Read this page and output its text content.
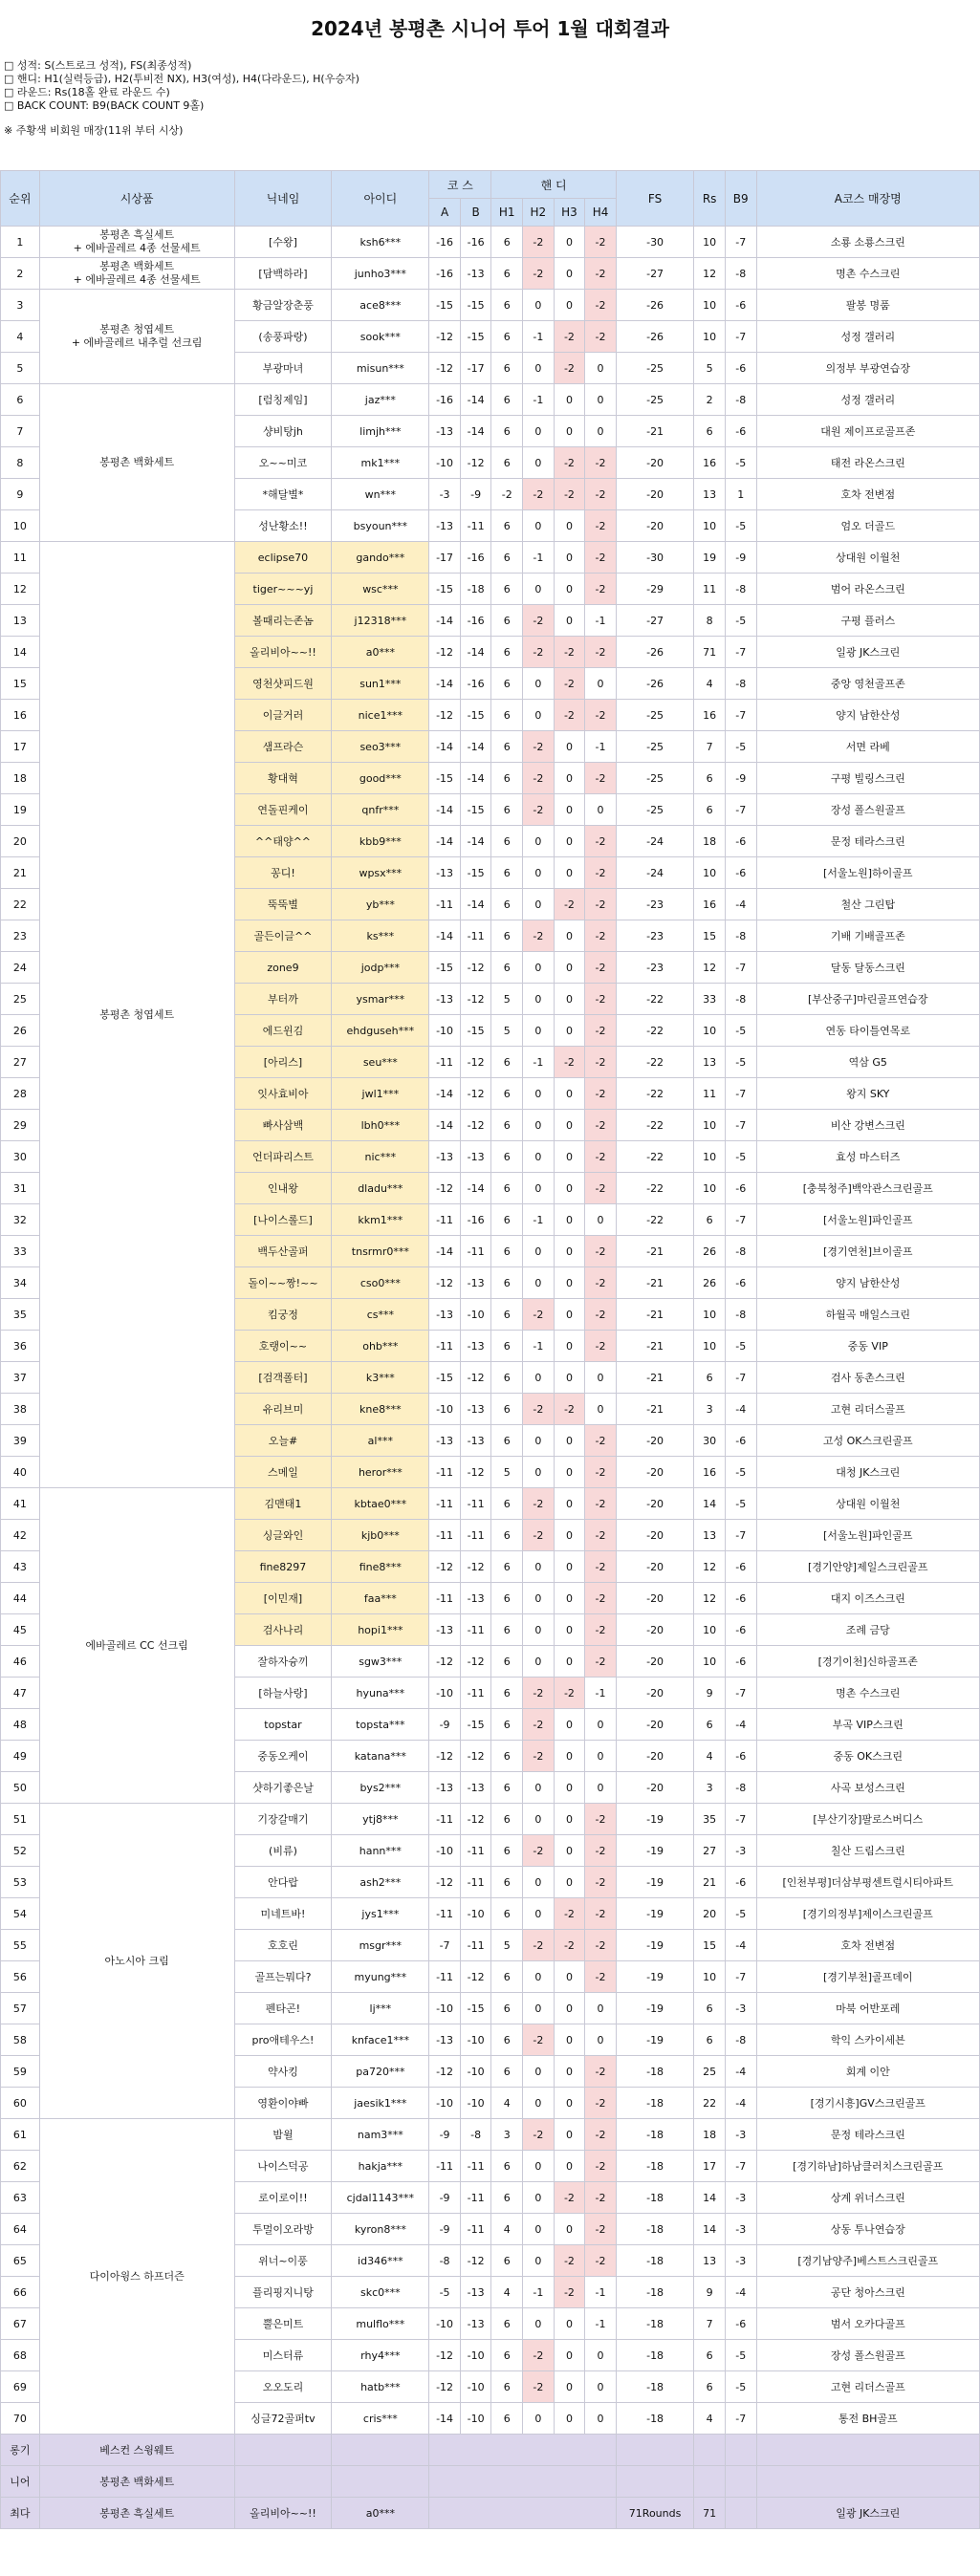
2024년 봉평촌 시니어 투어 1월 대회결과
□ 성적: S(스트로크 성적), FS(최종성적)
□ 핸디: H1(실력등급), H2(투비전 NX), H3(여성), H4(다라운드), H(우승자)
□ 라운드: Rs(18홀 완료 라운드 수)
□ BACK COUNT: B9(BACK COUNT 9홀)
※ 주황색 비회원 매장(11위 부터 시상)
순위	시상품	닉네임	아이디	코 스		핸 디				FS	Rs	B9	A코스 매장명
				A	B	H1	H2	H3	H4				
1	봉평촌 흑실세트
+ 에바골레르 4종 선물세트	[수왕]	ksh6***	-16	-16	6	-2	0	-2	-30	10	-7	소룡 소룡스크린
2	봉평촌 백화세트
+ 에바골레르 4종 선물세트	[담백하라]	junho3***	-16	-13	6	-2	0	-2	-27	12	-8	명촌 수스크린
3	봉평촌 청엽세트
+ 에바골레르 내추럴 선크림	황금알장춘풍	ace8***	-15	-15	6	0	0	-2	-26	10	-6	팔봉 명품
4		(송풍파랑)	sook***	-12	-15	6	-1	-2	-2	-26	10	-7	성정 갤러리
5		부광마녀	misun***	-12	-17	6	0	-2	0	-25	5	-6	의정부 부광연습장
6	봉평촌 백화세트	[럼칭제임]	jaz***	-16	-14	6	-1	0	0	-25	2	-8	성정 갤러리
7		샹비탕jh	limjh***	-13	-14	6	0	0	0	-21	6	-6	대원 제이프로골프존
8		오~~미코	mk1***	-10	-12	6	0	-2	-2	-20	16	-5	태전 라온스크린
9		*해달별*	wn***	-3	-9	-2	-2	-2	-2	-20	13	1	호차 전변점
10		성난황소!!	bsyoun***	-13	-11	6	0	0	-2	-20	10	-5	엄오 더골드
11	봉평촌 청엽세트	eclipse70	gando***	-17	-16	6	-1	0	-2	-30	19	-9	상대원 이월천
12		tiger~~~yj	wsc***	-15	-18	6	0	0	-2	-29	11	-8	범어 라온스크린
13		볼때리는존놈	j12318***	-14	-16	6	-2	0	-1	-27	8	-5	구평 플러스
14		올리비아~~!!	a0***	-12	-14	6	-2	-2	-2	-26	71	-7	일광 JK스크린
15		영천샷피드원	sun1***	-14	-16	6	0	-2	0	-26	4	-8	중앙 영천골프존
16		이글거러	nice1***	-12	-15	6	0	-2	-2	-25	16	-7	양지 남한산성
17		샘프라슨	seo3***	-14	-14	6	-2	0	-1	-25	7	-5	서면 라베
18		황대혁	good***	-15	-14	6	-2	0	-2	-25	6	-9	구평 빌링스크린
19		연돌핀케이	qnfr***	-14	-15	6	-2	0	0	-25	6	-7	장성 폴스원골프
20		^^태양^^	kbb9***	-14	-14	6	0	0	-2	-24	18	-6	문정 테라스크린
21		꽁디!	wpsx***	-13	-15	6	0	0	-2	-24	10	-6	[서울노원]하이골프
22		뚝뚝별	yb***	-11	-14	6	0	-2	-2	-23	16	-4	철산 그린탑
23		골든이글^^	ks***	-14	-11	6	-2	0	-2	-23	15	-8	기배 기배골프존
24		zone9	jodp***	-15	-12	6	0	0	-2	-23	12	-7	달동 달동스크린
25		부터까	ysmar***	-13	-12	5	0	0	-2	-22	33	-8	[부산중구]마린골프연습장
26		에드윈김	ehdguseh***	-10	-15	5	0	0	-2	-22	10	-5	연동 타이틀연목로
27		[아리스]	seu***	-11	-12	6	-1	-2	-2	-22	13	-5	역삼 G5
28		잇사효비아	jwl1***	-14	-12	6	0	0	-2	-22	11	-7	왕지 SKY
29		빠사삼백	lbh0***	-14	-12	6	0	0	-2	-22	10	-7	비산 강변스크린
30		언더파리스트	nic***	-13	-13	6	0	0	-2	-22	10	-5	효성 마스터즈
31		인내왕	dladu***	-12	-14	6	0	0	-2	-22	10	-6	[충북청주]백악관스크린골프
32		[나이스롤드]	kkm1***	-11	-16	6	-1	0	0	-22	6	-7	[서울노원]파인골프
33		백두산골퍼	tnsrmr0***	-14	-11	6	0	0	-2	-21	26	-8	[경기연천]브이골프
34		돌이~~짱!~~	cso0***	-12	-13	6	0	0	-2	-21	26	-6	양지 남한산성
35		킴궁정	cs***	-13	-10	6	-2	0	-2	-21	10	-8	하월곡 매일스크린
36		호랭이~~	ohb***	-11	-13	6	-1	0	-2	-21	10	-5	중동 VIP
37		[검객폴터]	k3***	-15	-12	6	0	0	0	-21	6	-7	검사 동촌스크린
38		유리브미	kne8***	-10	-13	6	-2	-2	0	-21	3	-4	고현 리더스골프
39		오늘#	al***	-13	-13	6	0	0	-2	-20	30	-6	고성 OK스크린골프
40		스메일	heror***	-11	-12	5	0	0	-2	-20	16	-5	대청 JK스크린
41	에바골레르 CC 선크림	김맨태1	kbtae0***	-11	-11	6	-2	0	-2	-20	14	-5	상대원 이월천
42		싱글와인	kjb0***	-11	-11	6	-2	0	-2	-20	13	-7	[서울노원]파인골프
43		fine8297	fine8***	-12	-12	6	0	0	-2	-20	12	-6	[경기안양]제일스크린골프
44		[이민재]	faa***	-11	-13	6	0	0	-2	-20	12	-6	대지 이즈스크린
45		검사나리	hopi1***	-13	-11	6	0	0	-2	-20	10	-6	조례 금당
46		잘하자슝끼	sgw3***	-12	-12	6	0	0	-2	-20	10	-6	[경기이천]신하골프존
47		[하늘사랑]	hyuna***	-10	-11	6	-2	-2	-1	-20	9	-7	명촌 수스크린
48		topstar	topsta***	-9	-15	6	-2	0	0	-20	6	-4	부곡 VIP스크린
49		중동오케이	katana***	-12	-12	6	-2	0	0	-20	4	-6	중동 OK스크린
50		샷하기좋은날	bys2***	-13	-13	6	0	0	0	-20	3	-8	사곡 보성스크린
51	아노시아 크림	기장갈매기	ytj8***	-11	-12	6	0	0	-2	-19	35	-7	[부산기장]팔로스버디스
52		(비류)	hann***	-10	-11	6	-2	0	-2	-19	27	-3	칠산 드림스크린
53		안다랍	ash2***	-12	-11	6	0	0	-2	-19	21	-6	[인천부평]더삼부평센트럴시티아파트
54		미네트바!	jys1***	-11	-10	6	0	-2	-2	-19	20	-5	[경기의정부]제이스크린골프
55		호호린	msgr***	-7	-11	5	-2	-2	-2	-19	15	-4	호차 전변점
56		골프는뭐다?	myung***	-11	-12	6	0	0	-2	-19	10	-7	[경기부천]골프데이
57		펜타곤!	lj***	-10	-15	6	0	0	0	-19	6	-3	마북 어반포레
58		pro애테우스!	knface1***	-13	-10	6	-2	0	0	-19	6	-8	학익 스카이세븐
59		약사킹	pa720***	-12	-10	6	0	0	-2	-18	25	-4	회계 이안
60		영환이야빠	jaesik1***	-10	-10	4	0	0	-2	-18	22	-4	[경기시흥]GV스크린골프
61	다이아윙스 하프더즌	밤윌	nam3***	-9	-8	3	-2	0	-2	-18	18	-3	문정 테라스크린
62		나이스덕공	hakja***	-11	-11	6	0	0	-2	-18	17	-7	[경기하남]하남클러치스크린골프
63		로이로이!!	cjdal1143***	-9	-11	6	0	-2	-2	-18	14	-3	상계 위너스크린
64		투멀이오라방	kyron8***	-9	-11	4	0	0	-2	-18	14	-3	상동 투나연습장
65		위너~이풍	id346***	-8	-12	6	0	-2	-2	-18	13	-3	[경기남양주]베스트스크린골프
66		플리핑지니탕	skc0***	-5	-13	4	-1	-2	-1	-18	9	-4	공단 청아스크린
67		뿔은미트	mulflo***	-10	-13	6	0	0	-1	-18	7	-6	범서 오카다골프
68		미스터류	rhy4***	-12	-10	6	-2	0	0	-18	6	-5	장성 폴스원골프
69		오오도리	hatb***	-12	-10	6	-2	0	0	-18	6	-5	고현 리더스골프
70		싱글72골퍼tv	cris***	-14	-10	6	0	0	0	-18	4	-7	통전 BH골프
롱기	베스컨 스윙웨트												
니어	봉평촌 백화세트												
최다	봉평촌 흑실세트	올리비아~~!!	a0***							71Rounds	71		일광 JK스크린
